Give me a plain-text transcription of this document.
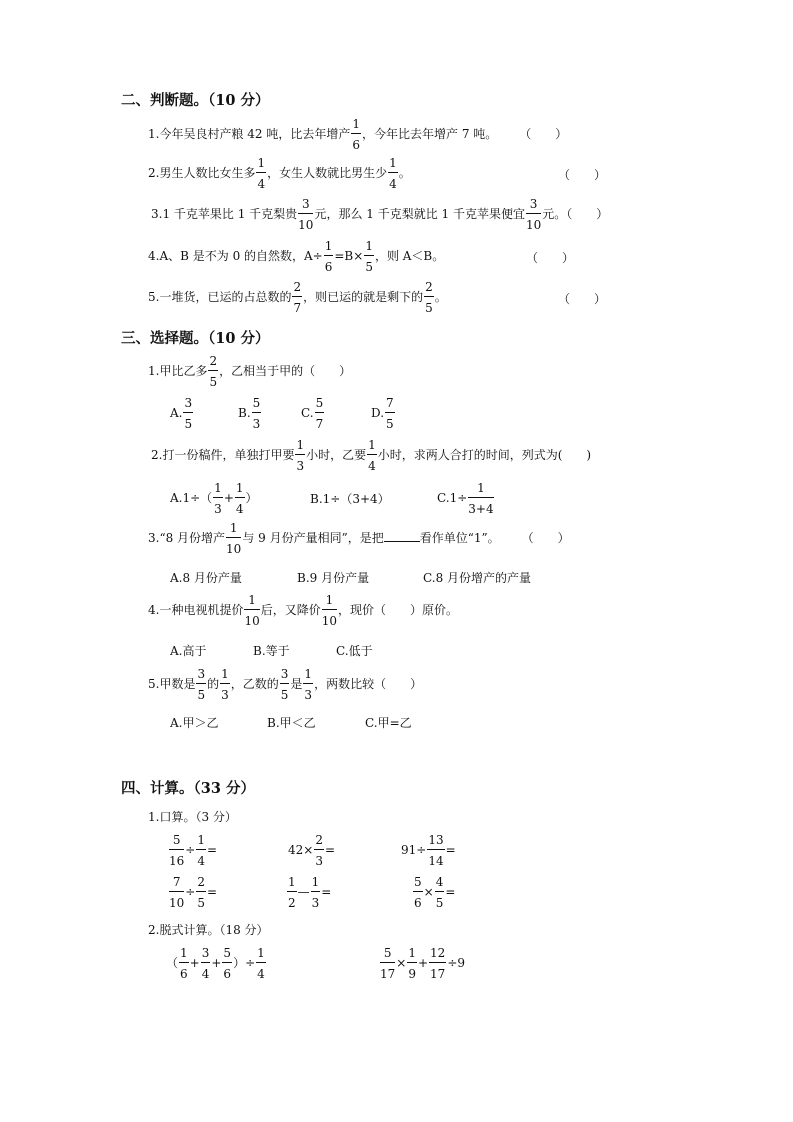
二、判断题。（10 分）
1.今年吴良村产粮 42 吨，比去年增产 $\frac{1}{6}$ ，今年比去年增产 7 吨。 （　　）
2.男生人数比女生多 $\frac{1}{4}$ ，女生人数就比男生少 $\frac{1}{4}$ 。	（　　）
3.1 千克苹果比 1 千克梨贵 $\frac{3}{10}$ 元，那么 1 千克梨就比 1 千克苹果便宜 $\frac{3}{10}$ 元。（　　）
4.A、B 是不为 0 的自然数，$A\div \frac{1}{6} =B\times \frac{1}{5}$ ，则 A＜B。	（　　）
5.一堆货，已运的占总数的 $\frac{2}{7}$ ，则已运的就是剩下的 $\frac{2}{5}$ 。	（　　）
三、选择题。（10 分）
1.甲比乙多 $\frac{2}{5}$ ，乙相当于甲的（　　）
A. $\frac{3}{5}$	B. $\frac{5}{3}$	C. $\frac{5}{7}$	D. $\frac{7}{5}$
2.打一份稿件，单独打甲要 $\frac{1}{3}$ 小时，乙要 $\frac{1}{4}$ 小时，求两人合打的时间，列式为(　　)
$A.1\div( \frac{1}{3} + \frac{1}{4}$ ）	B.1÷（3+4）	$C.1\div \frac{1}{3+4}$
3.“8 月份增产 $\frac{1}{10}$ 与 9 月份产量相同”，是把	看作单位“1”。 （　　）
A.8 月份产量	B.9 月份产量	C.8 月份增产的产量
4.一种电视机提价 $\frac{1}{10}$ 后，又降价 $\frac{1}{10}$ ，现价（　　）原价。
A.高于	B.等于	C.低于
5.甲数是 $\frac{3}{5}$ 的 $\frac{1}{3}$ ，乙数的 $\frac{3}{5}$ 是 $\frac{1}{3}$ ，两数比较（　　）
A.甲＞乙	B.甲＜乙	C.甲=乙
四、计算。（33 分）
1.口算。（3 分）
$\frac{5}{16} \div \frac{1}{4}$ =	$42\times \frac{2}{3}$ =	$91\div \frac{13}{14}$ =
$\frac{7}{10} \div \frac{2}{5}$ =	$\frac{1}{2}$ — $\frac{1}{3}$ =	$\frac{5}{6} \times \frac{4}{5}$ =
2.脱式计算。（18 分）
（ $\frac{1}{6} + \frac{3}{4} + \frac{5}{6}$ ）÷ $\frac{1}{4}$	$\frac{5}{17} \times \frac{1}{9} + \frac{12}{17} \div 9$
